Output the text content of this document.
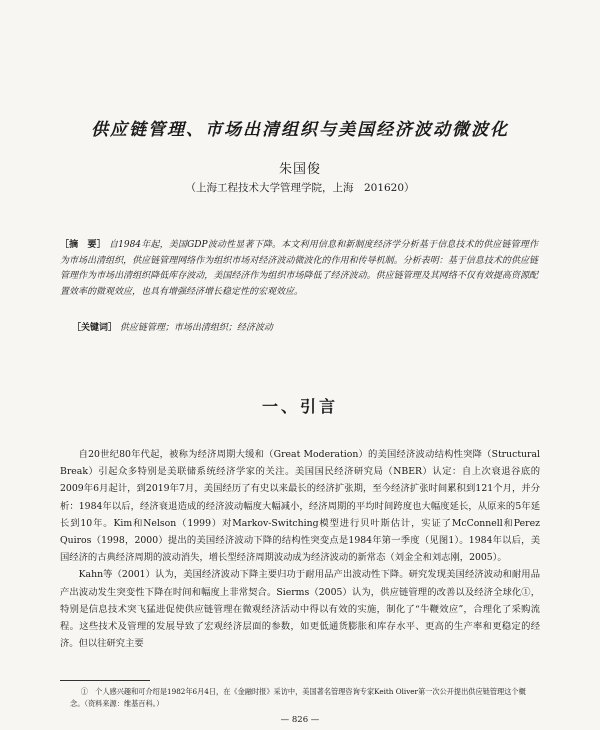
供应链管理、市场出清组织与美国经济波动微波化
朱国俊
（上海工程技术大学管理学院，上海　201620）
［摘　要］ 自1984年起，美国GDP波动性显著下降。本文利用信息和新制度经济学分析基于信息技术的供应链管理作为市场出清组织，供应链管理网络作为组织市场对经济波动微波化的作用和传导机制。分析表明：基于信息技术的供应链管理作为市场出清组织降低库存波动，美国经济作为组织市场降低了经济波动。供应链管理及其网络不仅有效提高资源配置效率的微观效应，也具有增强经济增长稳定性的宏观效应。
［关键词］ 供应链管理；市场出清组织；经济波动
一、引言

自20世纪80年代起，被称为经济周期大缓和（Great Moderation）的美国经济波动结构性突降（Structural Break）引起众多特别是美联储系统经济学家的关注。美国国民经济研究局（NBER）认定：自上次衰退谷底的2009年6月起计，到2019年7月，美国经历了有史以来最长的经济扩张期，至今经济扩张时间累积到121个月，并分析：1984年以后，经济衰退造成的经济波动幅度大幅减小，经济周期的平均时间跨度也大幅度延长，从原来的5年延长到10年。Kim和Nelson（1999）对Markov-Switching模型进行贝叶斯估计，实证了McConnell和Perez Quiros（1998，2000）提出的美国经济波动下降的结构性突变点是1984年第一季度（见图1）。1984年以后，美国经济的古典经济周期的波动消失，增长型经济周期波动成为经济波动的新常态（刘金全和刘志刚，2005）。

Kahn等（2001）认为，美国经济波动下降主要归功于耐用品产出波动性下降。研究发现美国经济波动和耐用品产出波动发生突变性下降在时间和幅度上非常契合。Sierms（2005）认为，供应链管理的改善以及经济全球化①，特别是信息技术突飞猛进促使供应链管理在微观经济活动中得以有效的实施，制化了“牛鞭效应”，合理化了采购流程。这些技术及管理的发展导致了宏观经济层面的参数，如更低通货膨胀和库存水平、更高的生产率和更稳定的经济。但以往研究主要

①　个人感兴趣和可介绍是1982年6月4日，在《金融时报》采访中，美国著名管理咨询专家Keith Oliver第一次公开提出供应链管理这个概念。（资料来源：维基百科。）
— 826 —
